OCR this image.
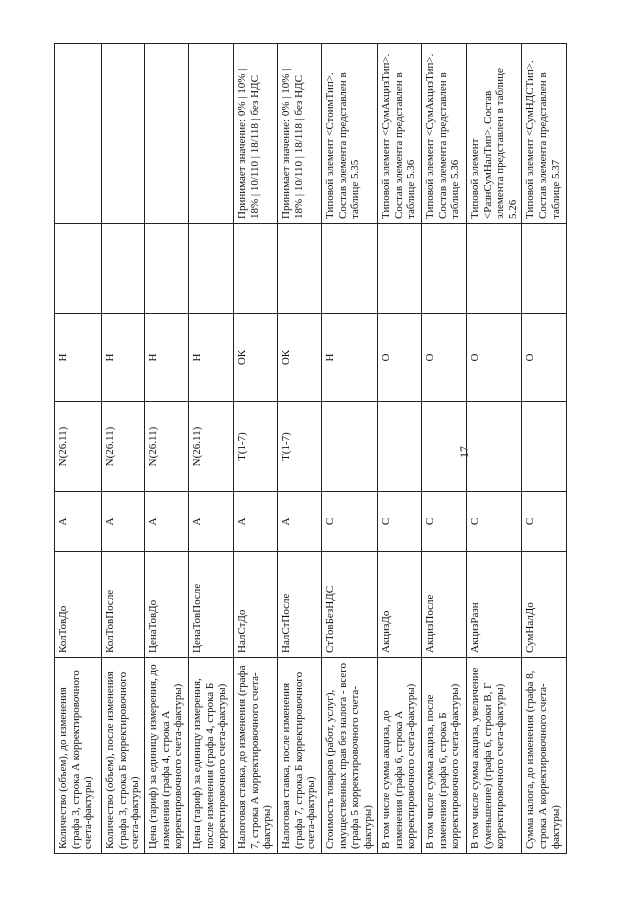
17
Количество (объем), до изменения (графа 3, строка А корректировочного счета-фактуры)	КолТовДо	А	N(26.11)	Н		
Количество (объем), после изменения (графа 3, строка Б корректировочного счета-фактуры)	КолТовПосле	А	N(26.11)	Н		
Цена (тариф) за единицу измерения, до изменения (графа 4, строка А корректировочного счета-фактуры)	ЦенаТовДо	А	N(26.11)	Н		
Цена (тариф) за единицу измерения, после изменения (графа 4, строка Б корректировочного счета-фактуры)	ЦенаТовПосле	А	N(26.11)	Н		
Налоговая ставка, до изменения (графа 7, строка А корректировочного счета-фактуры)	НалСтДо	А	T(1-7)	ОК		Принимает значение: 0% | 10% | 18% | 10/110 | 18/118 | без НДС
Налоговая ставка, после изменения (графа 7, строка Б корректировочного счета-фактуры)	НалСтПосле	А	T(1-7)	ОК		Принимает значение: 0% | 10% | 18% | 10/110 | 18/118 | без НДС
Стоимость товаров (работ, услуг), имущественных прав без налога - всего (графа 5 корректировочного счета-фактуры)	СтТовБезНДС	С		Н		Типовой элемент <СтоимТип>. Состав элемента представлен в таблице 5.35
В том числе сумма акциза, до изменения (графа 6, строка А корректировочного счета-фактуры)	АкцизДо	С		О		Типовой элемент <СумАкцизТип>. Состав элемента представлен в таблице 5.36
В том числе сумма акциза, после изменения (графа 6, строка Б корректировочного счета-фактуры)	АкцизПосле	С		О		Типовой элемент <СумАкцизТип>. Состав элемента представлен в таблице 5.36
В том числе сумма акциза, увеличение (уменьшение) (графа 6, строки В, Г корректировочного счета-фактуры)	АкцизРазн	С		О		Типовой элемент <РазнСумНалТип>. Состав элемента представлен в таблице 5.26
Сумма налога, до изменения (графа 8, строка А корректировочного счета-фактуры)	СумНалДо	С		О		Типовой элемент <СумНДСТип>. Состав элемента представлен в таблице 5.37
